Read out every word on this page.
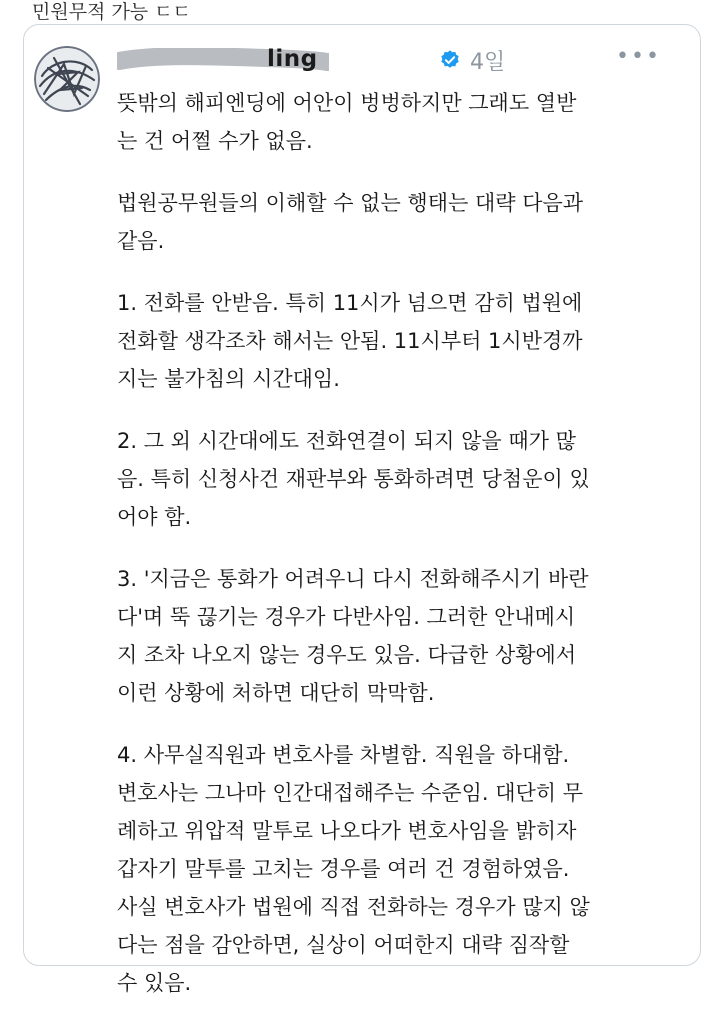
민원무적 가능 ㄷㄷ
ling	4일	•••

뜻밖의 해피엔딩에 어안이 벙벙하지만 그래도 열받
는 건 어쩔 수가 없음.

법원공무원들의 이해할 수 없는 행태는 대략 다음과
같음.

1. 전화를 안받음. 특히 11시가 넘으면 감히 법원에
전화할 생각조차 해서는 안됨. 11시부터 1시반경까
지는 불가침의 시간대임.

2. 그 외 시간대에도 전화연결이 되지 않을 때가 많
음. 특히 신청사건 재판부와 통화하려면 당첨운이 있
어야 함.

3. '지금은 통화가 어려우니 다시 전화해주시기 바란
다'며 뚝 끊기는 경우가 다반사임. 그러한 안내메시
지 조차 나오지 않는 경우도 있음. 다급한 상황에서
이런 상황에 처하면 대단히 막막함.

4. 사무실직원과 변호사를 차별함. 직원을 하대함.
변호사는 그나마 인간대접해주는 수준임. 대단히 무
례하고 위압적 말투로 나오다가 변호사임을 밝히자
갑자기 말투를 고치는 경우를 여러 건 경험하였음.
사실 변호사가 법원에 직접 전화하는 경우가 많지 않
다는 점을 감안하면, 실상이 어떠한지 대략 짐작할
수 있음.
